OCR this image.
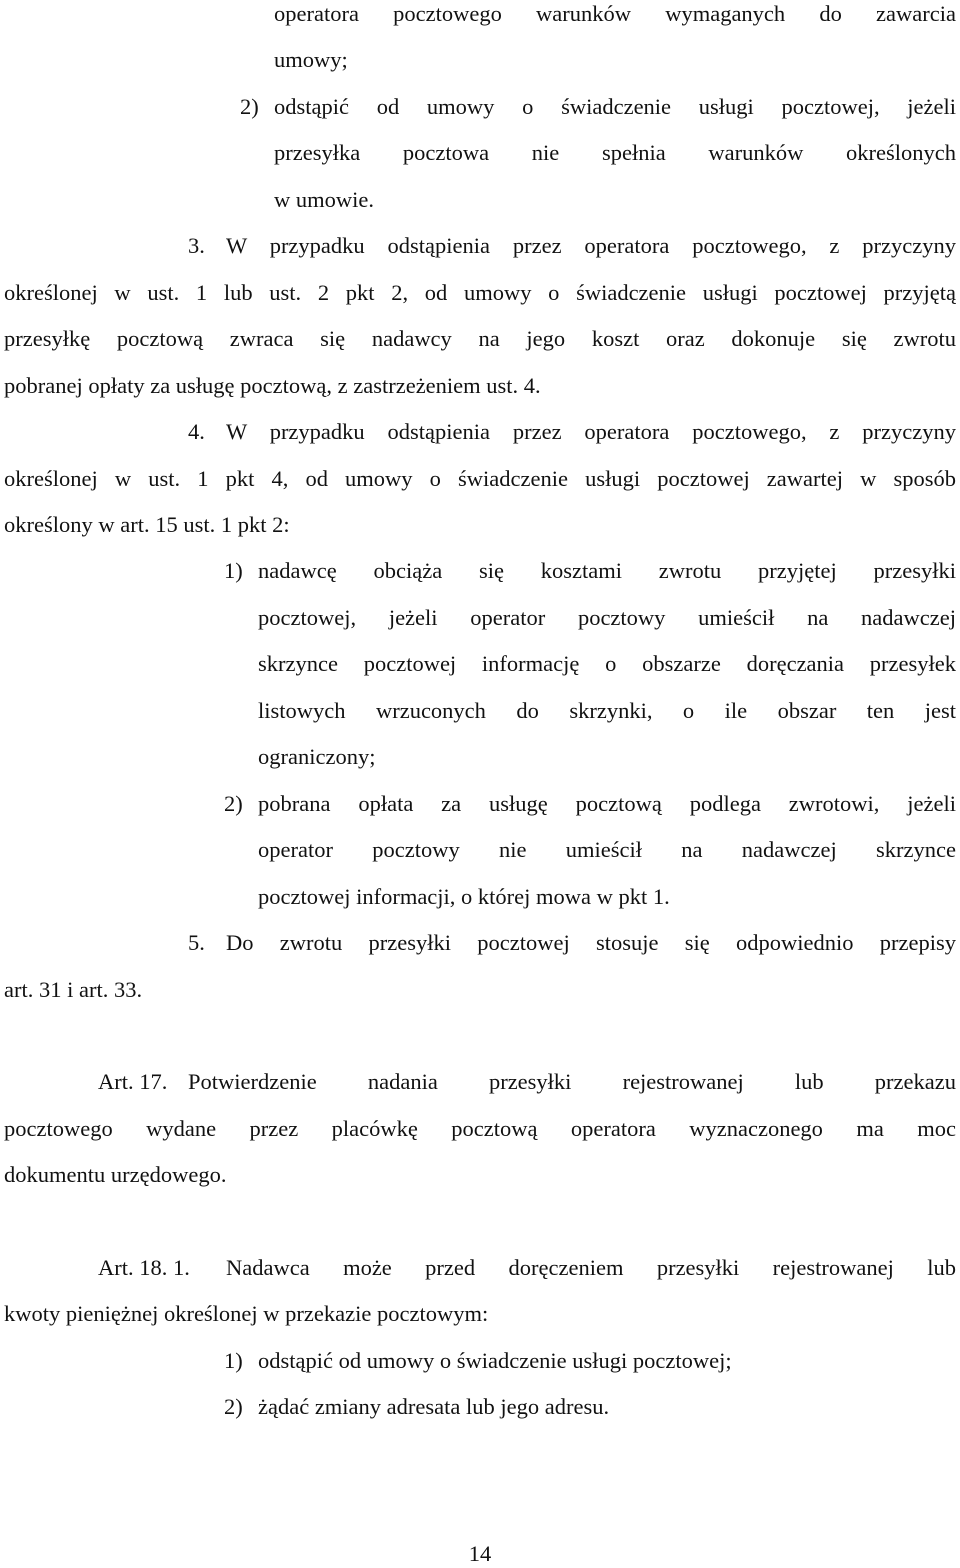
operatora pocztowego warunków wymaganych do zawarcia
umowy;
2) odstąpić od umowy o świadczenie usługi pocztowej, jeżeli
przesyłka pocztowa nie spełnia warunków określonych
w umowie.
3. W przypadku odstąpienia przez operatora pocztowego, z przyczyny
określonej w ust. 1 lub ust. 2 pkt 2, od umowy o świadczenie usługi pocztowej przyjętą
przesyłkę pocztową zwraca się nadawcy na jego koszt oraz dokonuje się zwrotu
pobranej opłaty za usługę pocztową, z zastrzeżeniem ust. 4.
4. W przypadku odstąpienia przez operatora pocztowego, z przyczyny
określonej w ust. 1 pkt 4, od umowy o świadczenie usługi pocztowej zawartej w sposób
określony w art. 15 ust. 1 pkt 2:
1) nadawcę obciąża się kosztami zwrotu przyjętej przesyłki
pocztowej, jeżeli operator pocztowy umieścił na nadawczej
skrzynce pocztowej informację o obszarze doręczania przesyłek
listowych wrzuconych do skrzynki, o ile obszar ten jest
ograniczony;
2) pobrana opłata za usługę pocztową podlega zwrotowi, jeżeli
operator pocztowy nie umieścił na nadawczej skrzynce
pocztowej informacji, o której mowa w pkt 1.
5. Do zwrotu przesyłki pocztowej stosuje się odpowiednio przepisy
art. 31 i art. 33.
Art. 17. Potwierdzenie nadania przesyłki rejestrowanej lub przekazu
pocztowego wydane przez placówkę pocztową operatora wyznaczonego ma moc
dokumentu urzędowego.
Art. 18. 1. Nadawca może przed doręczeniem przesyłki rejestrowanej lub
kwoty pieniężnej określonej w przekazie pocztowym:
1) odstąpić od umowy o świadczenie usługi pocztowej;
2) żądać zmiany adresata lub jego adresu.
14
